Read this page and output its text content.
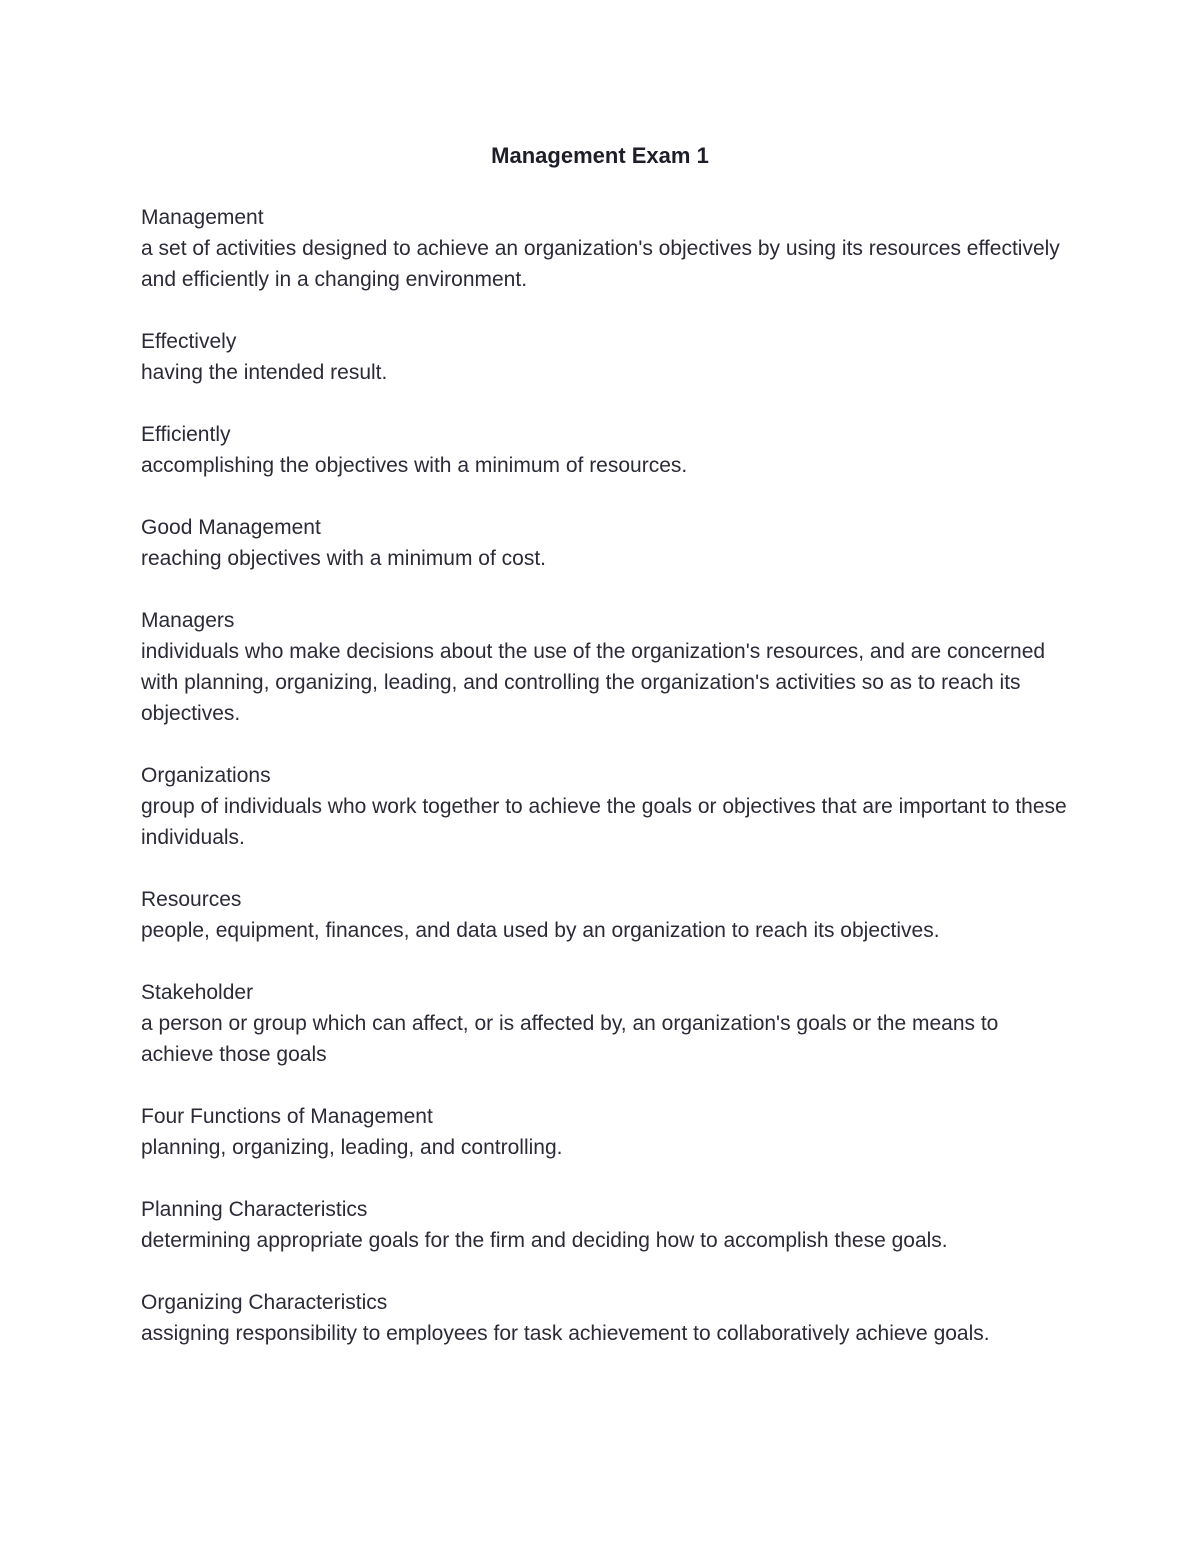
Management Exam 1
Management
a set of activities designed to achieve an organization's objectives by using its resources effectively and efficiently in a changing environment.
Effectively
having the intended result.
Efficiently
accomplishing the objectives with a minimum of resources.
Good Management
reaching objectives with a minimum of cost.
Managers
individuals who make decisions about the use of the organization's resources, and are concerned with planning, organizing, leading, and controlling the organization's activities so as to reach its objectives.
Organizations
group of individuals who work together to achieve the goals or objectives that are important to these individuals.
Resources
people, equipment, finances, and data used by an organization to reach its objectives.
Stakeholder
a person or group which can affect, or is affected by, an organization's goals or the means to achieve those goals
Four Functions of Management
planning, organizing, leading, and controlling.
Planning Characteristics
determining appropriate goals for the firm and deciding how to accomplish these goals.
Organizing Characteristics
assigning responsibility to employees for task achievement to collaboratively achieve goals.
